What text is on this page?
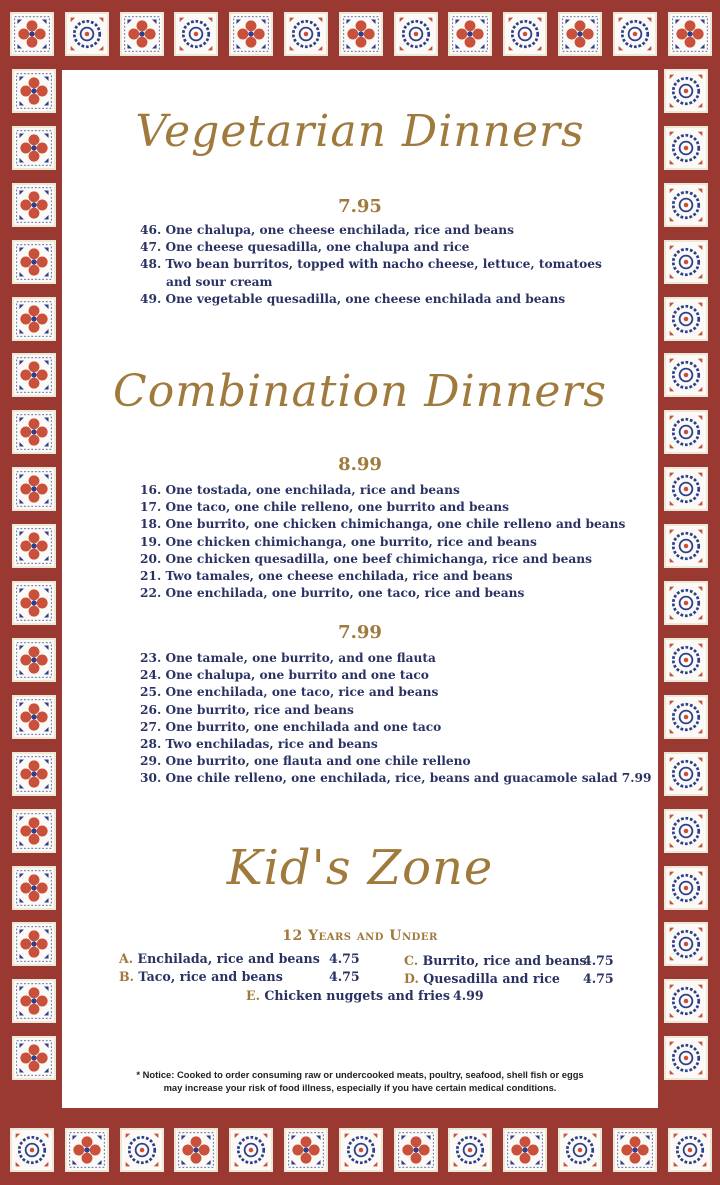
Vegetarian Dinners
7.95
46. One chalupa, one cheese enchilada, rice and beans
47. One cheese quesadilla, one chalupa and rice
48. Two bean burritos, topped with nacho cheese, lettuce, tomatoes
and sour cream
49. One vegetable quesadilla, one cheese enchilada and beans
Combination Dinners
8.99
16. One tostada, one enchilada, rice and beans
17. One taco, one chile relleno, one burrito and beans
18. One burrito, one chicken chimichanga, one chile relleno and beans
19. One chicken chimichanga, one burrito, rice and beans
20. One chicken quesadilla, one beef chimichanga, rice and beans
21. Two tamales, one cheese enchilada, rice and beans
22. One enchilada, one burrito, one taco, rice and beans
7.99
23. One tamale, one burrito, and one flauta
24. One chalupa, one burrito and one taco
25. One enchilada, one taco, rice and beans
26. One burrito, rice and beans
27. One burrito, one enchilada and one taco
28. Two enchiladas, rice and beans
29. One burrito, one flauta and one chile relleno
30. One chile relleno, one enchilada, rice, beans and guacamole salad 7.99
Kid's Zone
12 Years and Under
A. Enchilada, rice and beans 4.75
B. Taco, rice and beans	4.75
C. Burrito, rice and beans
4.75
D. Quesadilla and rice 4.75
E. Chicken nuggets and fries 4.99
* Notice: Cooked to order consuming raw or undercooked meats, poultry, seafood, shell fish or eggs
may increase your risk of food illness, especially if you have certain medical conditions.
